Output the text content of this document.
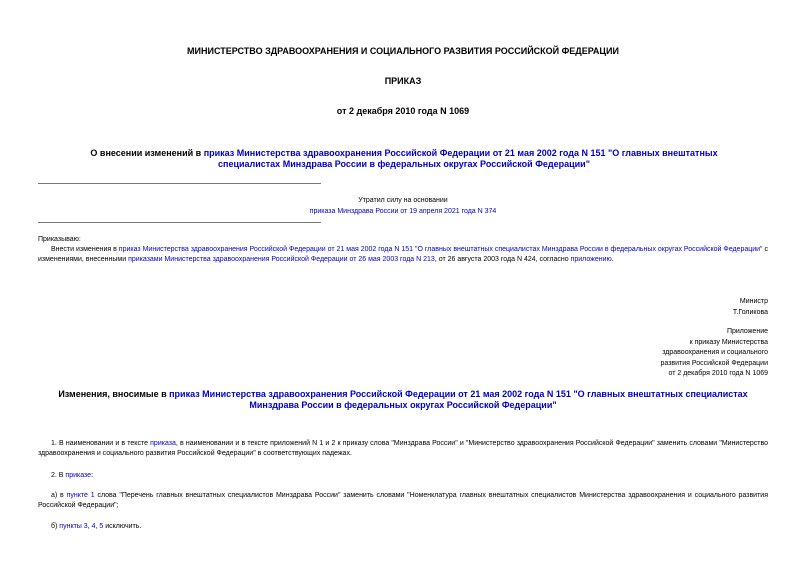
МИНИСТЕРСТВО ЗДРАВООХРАНЕНИЯ И СОЦИАЛЬНОГО РАЗВИТИЯ РОССИЙСКОЙ ФЕДЕРАЦИИ
ПРИКАЗ
от 2 декабря 2010 года N 1069
О внесении изменений в приказ Министерства здравоохранения Российской Федерации от 21 мая 2002 года N 151 "О главных внештатных специалистах Минздрава России в федеральных округах Российской Федерации"
Утратил силу на основании
приказа Минздрава России от 19 апреля 2021 года N 374
Приказываю:
Внести изменения в приказ Министерства здравоохранения Российской Федерации от 21 мая 2002 года N 151 "О главных внештатных специалистах Минздрава России в федеральных округах Российской Федерации" с изменениями, внесенными приказами Министерства здравоохранения Российской Федерации от 26 мая 2003 года N 213, от 26 августа 2003 года N 424, согласно приложению.
Министр
Т.Голикова
Приложение
к приказу Министерства
здравоохранения и социального
развития Российской Федерации
от 2 декабря 2010 года N 1069
Изменения, вносимые в приказ Министерства здравоохранения Российской Федерации от 21 мая 2002 года N 151 "О главных внештатных специалистах Минздрава России в федеральных округах Российской Федерации"
1. В наименовании и в тексте приказа, в наименовании и в тексте приложений N 1 и 2 к приказу слова "Минздрава России" и "Министерство здравоохранения Российской Федерации" заменить словами "Министерство здравоохранения и социального развития Российской Федерации" в соответствующих падежах.
2. В приказе:
а) в пункте 1 слова "Перечень главных внештатных специалистов Минздрава России" заменить словами "Номенклатура главных внештатных специалистов Министерства здравоохранения и социального развития Российской Федерации";
б) пункты 3, 4, 5 исключить.
